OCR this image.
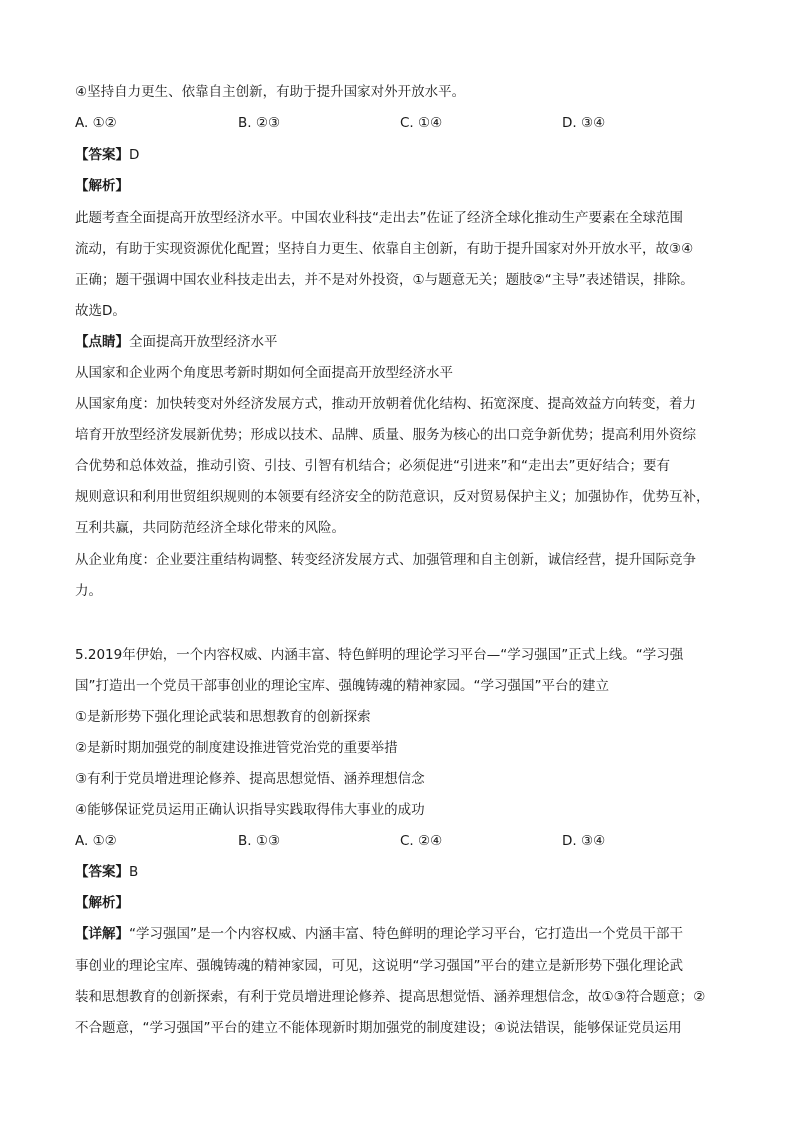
④坚持自力更生、依靠自主创新，有助于提升国家对外开放水平。
A. ①②	B. ②③	C. ①④	D. ③④
【答案】D
【解析】
此题考查全面提高开放型经济水平。中国农业科技“走出去”佐证了经济全球化推动生产要素在全球范围
流动，有助于实现资源优化配置；坚持自力更生、依靠自主创新，有助于提升国家对外开放水平，故③④
正确；题干强调中国农业科技走出去，并不是对外投资，①与题意无关；题肢②“主导”表述错误，排除。
故选D。
【点睛】全面提高开放型经济水平
从国家和企业两个角度思考新时期如何全面提高开放型经济水平
从国家角度：加快转变对外经济发展方式，推动开放朝着优化结构、拓宽深度、提高效益方向转变，着力
培育开放型经济发展新优势；形成以技术、品牌、质量、服务为核心的出口竞争新优势；提高利用外资综
合优势和总体效益，推动引资、引技、引智有机结合；必须促进“引进来”和“走出去”更好结合；要有
规则意识和利用世贸组织规则的本领要有经济安全的防范意识，反对贸易保护主义；加强协作，优势互补，
互利共赢，共同防范经济全球化带来的风险。
从企业角度：企业要注重结构调整、转变经济发展方式、加强管理和自主创新，诚信经营，提升国际竞争
力。
5.2019年伊始，一个内容权威、内涵丰富、特色鲜明的理论学习平台—“学习强国”正式上线。“学习强
国”打造出一个党员干部事创业的理论宝库、强魄铸魂的精神家园。“学习强国”平台的建立
①是新形势下强化理论武装和思想教育的创新探索
②是新时期加强党的制度建设推进管党治党的重要举措
③有利于党员增进理论修养、提高思想觉悟、涵养理想信念
④能够保证党员运用正确认识指导实践取得伟大事业的成功
A. ①②	B. ①③	C. ②④	D. ③④
【答案】B
【解析】
【详解】“学习强国”是一个内容权威、内涵丰富、特色鲜明的理论学习平台，它打造出一个党员干部干
事创业的理论宝库、强魄铸魂的精神家园，可见，这说明“学习强国”平台的建立是新形势下强化理论武
装和思想教育的创新探索，有利于党员增进理论修养、提高思想觉悟、涵养理想信念，故①③符合题意；②
不合题意，“学习强国”平台的建立不能体现新时期加强党的制度建设；④说法错误，能够保证党员运用
